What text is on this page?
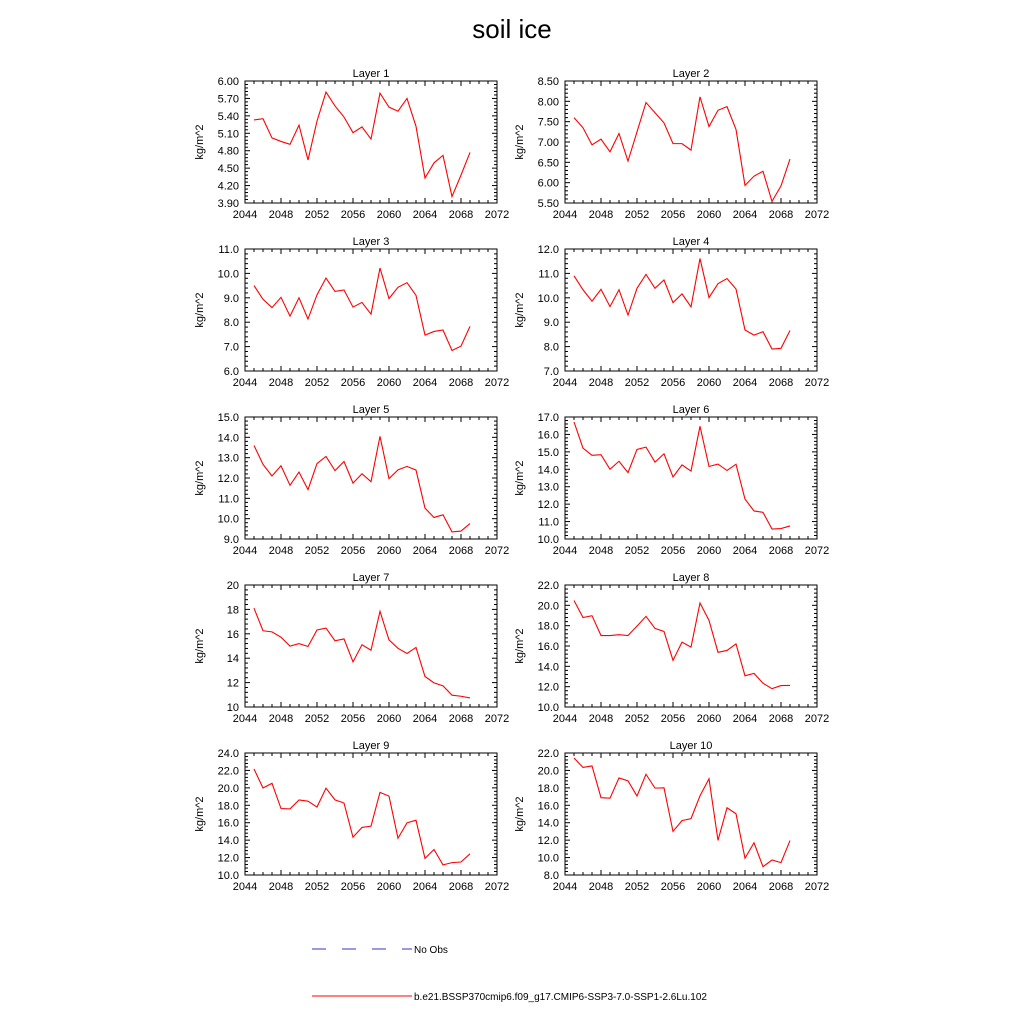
soil ice
Layer 1
kg/m^2
2044 2048 2052 2056 2060 2064 2068 2072
3.90
4.20
4.50
4.80
5.10
5.40
5.70
6.00
Layer 2
kg/m^2
2044 2048 2052 2056 2060 2064 2068 2072
5.50
6.00
6.50
7.00
7.50
8.00
8.50
Layer 3
kg/m^2
2044 2048 2052 2056 2060 2064 2068 2072
6.0
7.0
8.0
9.0
10.0
11.0
Layer 4
kg/m^2
2044 2048 2052 2056 2060 2064 2068 2072
7.0
8.0
9.0
10.0
11.0
12.0
Layer 5
kg/m^2
2044 2048 2052 2056 2060 2064 2068 2072
9.0
10.0
11.0
12.0
13.0
14.0
15.0
Layer 6
kg/m^2
2044 2048 2052 2056 2060 2064 2068 2072
10.0
11.0
12.0
13.0
14.0
15.0
16.0
17.0
Layer 7
kg/m^2
2044 2048 2052 2056 2060 2064 2068 2072
10
12
14
16
18
20
Layer 8
kg/m^2
2044 2048 2052 2056 2060 2064 2068 2072
10.0
12.0
14.0
16.0
18.0
20.0
22.0
Layer 9
kg/m^2
2044 2048 2052 2056 2060 2064 2068 2072
10.0
12.0
14.0
16.0
18.0
20.0
22.0
24.0
Layer 10
kg/m^2
2044 2048 2052 2056 2060 2064 2068 2072
8.0
10.0
12.0
14.0
16.0
18.0
20.0
22.0
No Obs
b.e21.BSSP370cmip6.f09_g17.CMIP6-SSP3-7.0-SSP1-2.6Lu.102
